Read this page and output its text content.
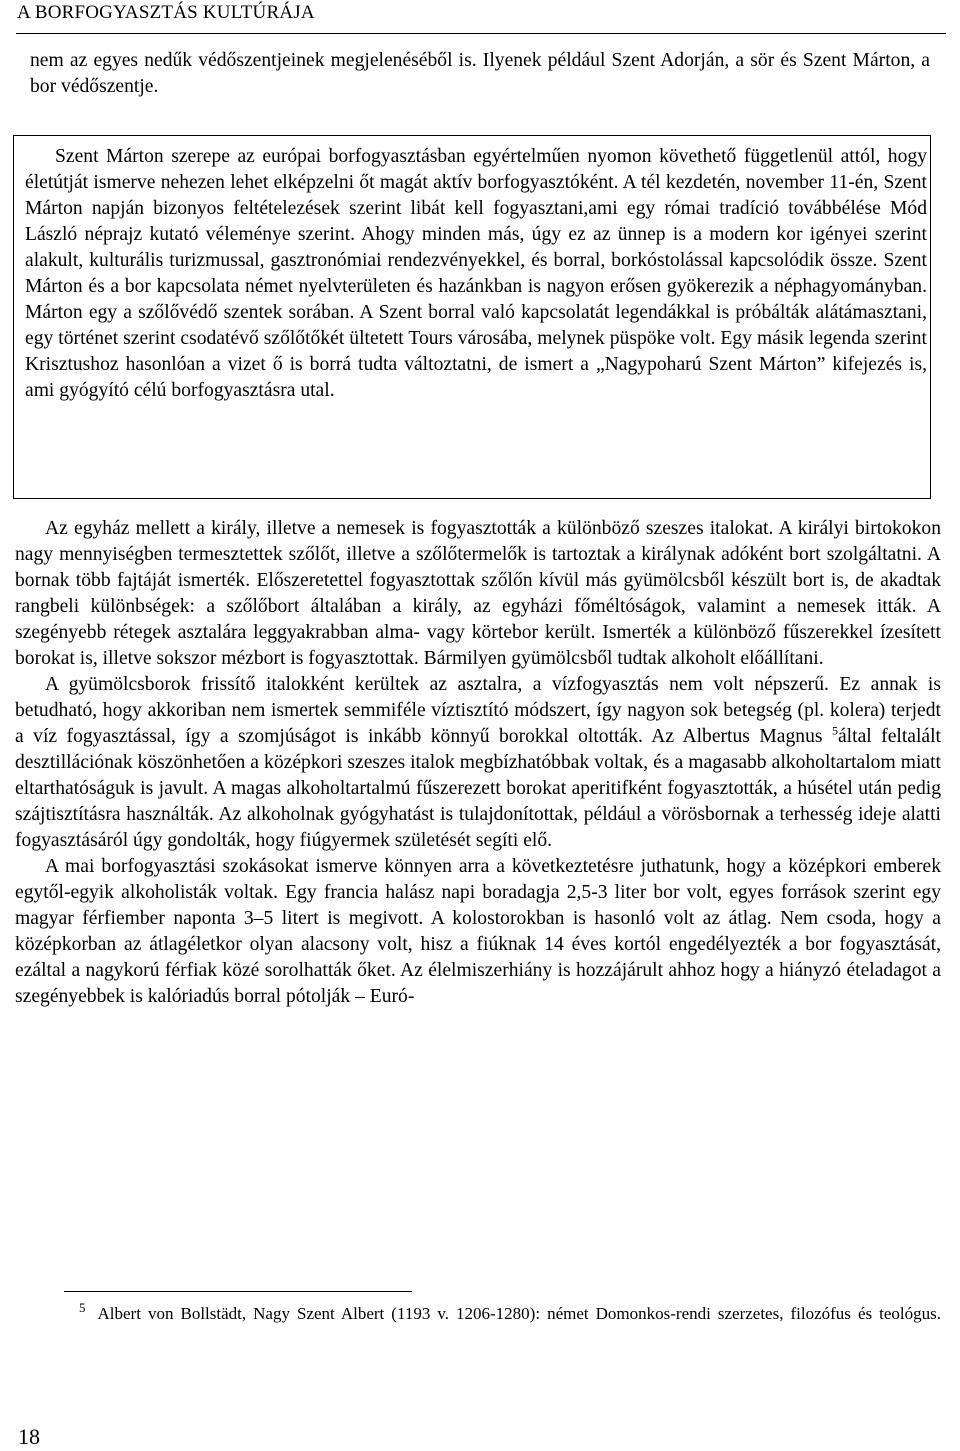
A BORFOGYASZTÁS KULTÚRÁJA
nem az egyes nedűk védőszentjeinek megjelenéséből is. Ilyenek például Szent Adorján, a sör és Szent Márton, a bor védőszentje.

Szent Márton szerepe az európai borfogyasztásban egyértelműen nyomon követhető függetlenül attól, hogy életútját ismerve nehezen lehet elképzelni őt magát aktív borfogyasztóként. A tél kezdetén, november 11-én, Szent Márton napján bizonyos feltételezések szerint libát kell fogyasztani,ami egy római tradíció továbbélése Mód László néprajz kutató véleménye szerint. Ahogy minden más, úgy ez az ünnep is a modern kor igényei szerint alakult, kulturális turizmussal, gasztronómiai rendezvényekkel, és borral, borkóstolással kapcsolódik össze. Szent Márton és a bor kapcsolata német nyelvterületen és hazánkban is nagyon erősen gyökerezik a néphagyományban. Márton egy a szőlővédő szentek sorában. A Szent borral való kapcsolatát legendákkal is próbálták alátámasztani, egy történet szerint csodatévő szőlőtőkét ültetett Tours városába, melynek püspöke volt. Egy másik legenda szerint Krisztushoz hasonlóan a vizet ő is borrá tudta változtatni, de ismert a „Nagypoharú Szent Márton” kifejezés is, ami gyógyító célú borfogyasztásra utal.

Az egyház mellett a király, illetve a nemesek is fogyasztották a különböző szeszes italokat. A királyi birtokokon nagy mennyiségben termesztettek szőlőt, illetve a szőlőtermelők is tartoztak a királynak adóként bort szolgáltatni. A bornak több fajtáját ismerték. Előszeretettel fogyasztottak szőlőn kívül más gyümölcsből készült bort is, de akadtak rangbeli különbségek: a szőlőbort általában a király, az egyházi főméltóságok, valamint a nemesek itták. A szegényebb rétegek asztalára leggyakrabban alma- vagy körtebor került. Ismerték a különböző fűszerekkel ízesített borokat is, illetve sokszor mézbort is fogyasztottak. Bármilyen gyümölcsből tudtak alkoholt előállítani.

A gyümölcsborok frissítő italokként kerültek az asztalra, a vízfogyasztás nem volt népszerű. Ez annak is betudható, hogy akkoriban nem ismertek semmiféle víztisztító módszert, így nagyon sok betegség (pl. kolera) terjedt a víz fogyasztással, így a szomjúságot is inkább könnyű borokkal oltották. Az Albertus Magnus $^5$által feltalált desztillációnak köszönhetően a középkori szeszes italok megbízhatóbbak voltak, és a magasabb alkoholtartalom miatt eltarthatóságuk is javult. A magas alkoholtartalmú fűszerezett borokat aperitifként fogyasztották, a húsétel után pedig szájtisztításra használták. Az alkoholnak gyógyhatást is tulajdonítottak, például a vörösbornak a terhesség ideje alatti fogyasztásáról úgy gondolták, hogy fiúgyermek születését segíti elő.

A mai borfogyasztási szokásokat ismerve könnyen arra a következtetésre juthatunk, hogy a középkori emberek egytől-egyik alkoholisták voltak. Egy francia halász napi boradagja 2,5-3 liter bor volt, egyes források szerint egy magyar férfiember naponta 3–5 litert is megivott. A kolostorokban is hasonló volt az átlag. Nem csoda, hogy a középkorban az átlagéletkor olyan alacsony volt, hisz a fiúknak 14 éves kortól engedélyezték a bor fogyasztását, ezáltal a nagykorú férfiak közé sorolhatták őket. Az élelmiszerhiány is hozzájárult ahhoz hogy a hiányzó ételadagot a szegényebbek is kalóriadús borral pótolják – Euró-

$^5$ Albert von Bollstädt, Nagy Szent Albert (1193 v. 1206-1280): német Domonkos-rendi szerzetes, filozófus és teológus.
18
